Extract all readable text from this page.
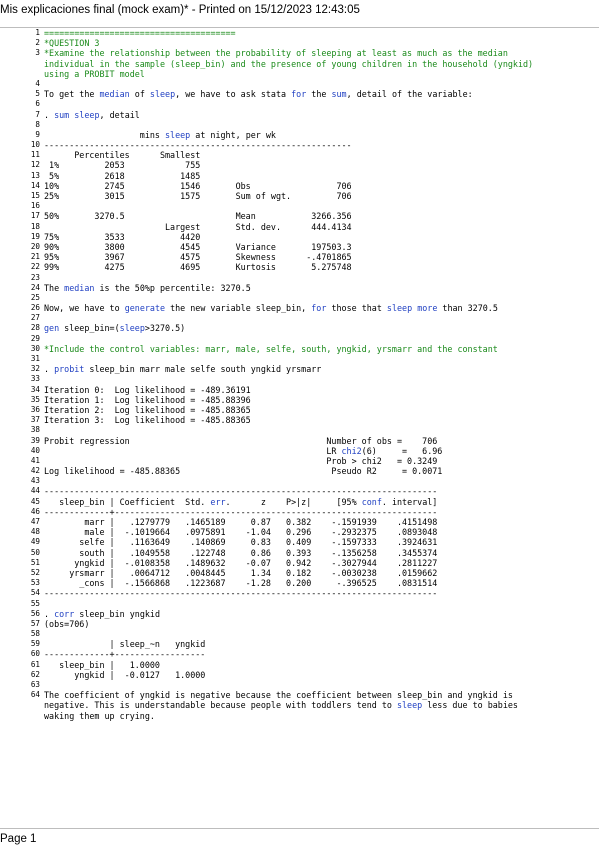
Mis explicaciones final (mock exam)* - Printed on 15/12/2023 12:43:05
1 ======================================
2 *QUESTION 3
3 *Examine the relationship between the probability of sleeping at least as much as the median
individual in the sample (sleep_bin) and the presence of young children in the household (yngkid)
using a PROBIT model
4
5 To get the median of sleep, we have to ask stata for the sum, detail of the variable:
6
7 . sum sleep, detail
8
9 mins sleep at night, per wk
10 -------------------------------------------------------------
11 Percentiles      Smallest
12 1%         2053            755
13 5%         2618           1485
14 10%         2745           1546       Obs                 706
15 25%         3015           1575       Sum of wgt.         706
16
17 50%       3270.5                      Mean           3266.356
18 Largest       Std. dev.      444.4134
19 75%         3533           4420
20 90%         3800           4545       Variance       197503.3
21 95%         3967           4575       Skewness      -.4701865
22 99%         4275           4695       Kurtosis       5.275748
23
24 The median is the 50%p percentile: 3270.5
25
26 Now, we have to generate the new variable sleep_bin, for those that sleep more than 3270.5
27
28 gen sleep_bin=(sleep>3270.5)
29
30 *Include the control variables: marr, male, selfe, south, yngkid, yrsmarr and the constant
31
32 . probit sleep_bin marr male selfe south yngkid yrsmarr
33
34 Iteration 0:  Log likelihood = -489.36191
35 Iteration 1:  Log likelihood = -485.88396
36 Iteration 2:  Log likelihood = -485.88365
37 Iteration 3:  Log likelihood = -485.88365
38
39 Probit regression                                       Number of obs =    706
40 LR chi2(6)     =   6.96
41 Prob > chi2   = 0.3249
42 Log likelihood = -485.88365                              Pseudo R2     = 0.0071
43
44 ------------------------------------------------------------------------------
45 sleep_bin | Coefficient  Std. err.      z    P>|z|     [95% conf. interval]
46 -------------+----------------------------------------------------------------
47 marr |   .1279779   .1465189     0.87   0.382    -.1591939    .4151498
48 male |  -.1019664   .0975891    -1.04   0.296    -.2932375    .0893048
49 selfe |   .1163649    .140869     0.83   0.409    -.1597333    .3924631
50 south |   .1049558    .122748     0.86   0.393    -.1356258    .3455374
51 yngkid |  -.0108358   .1489632    -0.07   0.942    -.3027944    .2811227
52 yrsmarr |   .0064712   .0048445     1.34   0.182    -.0030238    .0159662
53 _cons |  -.1566868   .1223687    -1.28   0.200     -.396525    .0831514
54 ------------------------------------------------------------------------------
55
56 . corr sleep_bin yngkid
57 (obs=706)
58
59 | sleep_~n   yngkid
60 -------------+------------------
61 sleep_bin |   1.0000
62 yngkid |  -0.0127   1.0000
63
64 The coefficient of yngkid is negative because the coefficient between sleep_bin and yngkid is
negative. This is understandable because people with toddlers tend to sleep less due to babies
waking them up crying.
Page 1
